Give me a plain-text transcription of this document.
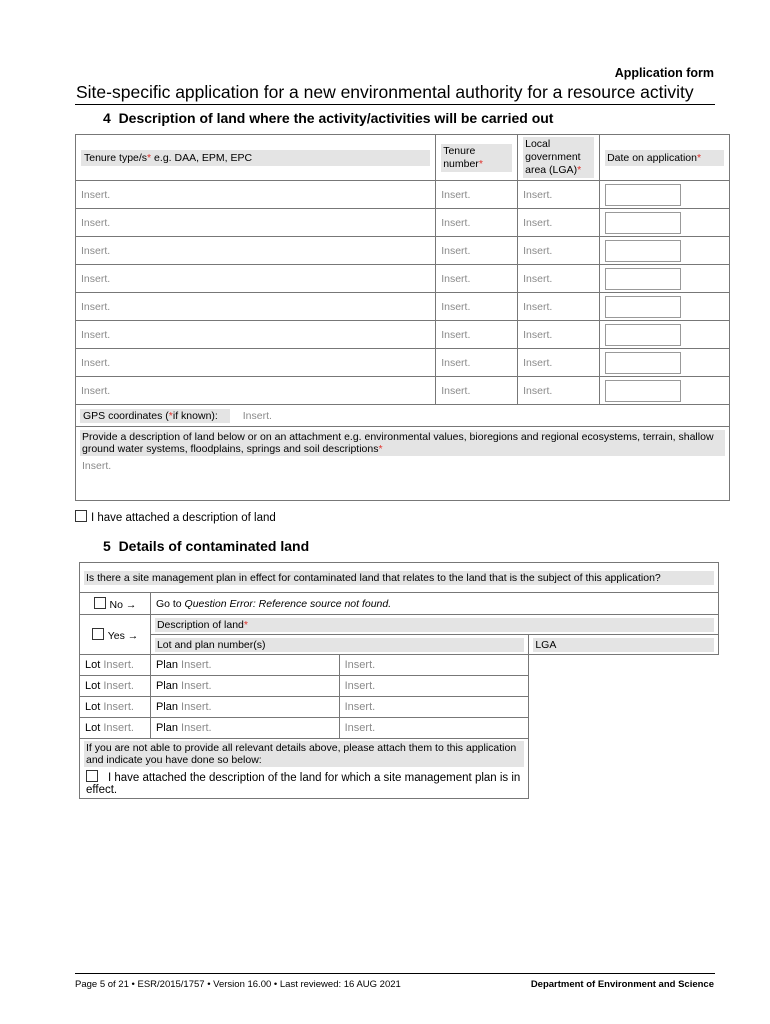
Application form
Site-specific application for a new environmental authority for a resource activity
4  Description of land where the activity/activities will be carried out
Tenure type/s* e.g. DAA, EPM, EPC	Tenure number*	Local government area (LGA)*	Date on application*

Insert.	Insert.	Insert.	
Insert.	Insert.	Insert.	
Insert.	Insert.	Insert.	
Insert.	Insert.	Insert.	
Insert.	Insert.	Insert.	
Insert.	Insert.	Insert.	
Insert.	Insert.	Insert.	
Insert.	Insert.	Insert.	
GPS coordinates (*if known): Insert.			

Provide a description of land below or on an attachment e.g. environmental values, bioregions and regional ecosystems, terrain, shallow ground water systems, floodplains, springs and soil descriptions*
Insert.			
I have attached a description of land
5  Details of contaminated land
Is there a site management plan in effect for contaminated land that relates to the land that is the subject of this application?			

No →	Go to Question Error: Reference source not found.		
Yes →	Description of land*		

	Lot and plan number(s)		LGA

Lot Insert.	Plan Insert.	Insert.	
Lot Insert.	Plan Insert.	Insert.	
Lot Insert.	Plan Insert.	Insert.	
Lot Insert.	Plan Insert.	Insert.	

If you are not able to provide all relevant details above, please attach them to this application and indicate you have done so below:
I have attached the description of the land for which a site management plan is in effect.			
Page 5 of 21 • ESR/2015/1757 • Version 16.00 • Last reviewed: 16 AUG 2021	Department of Environment and Science
